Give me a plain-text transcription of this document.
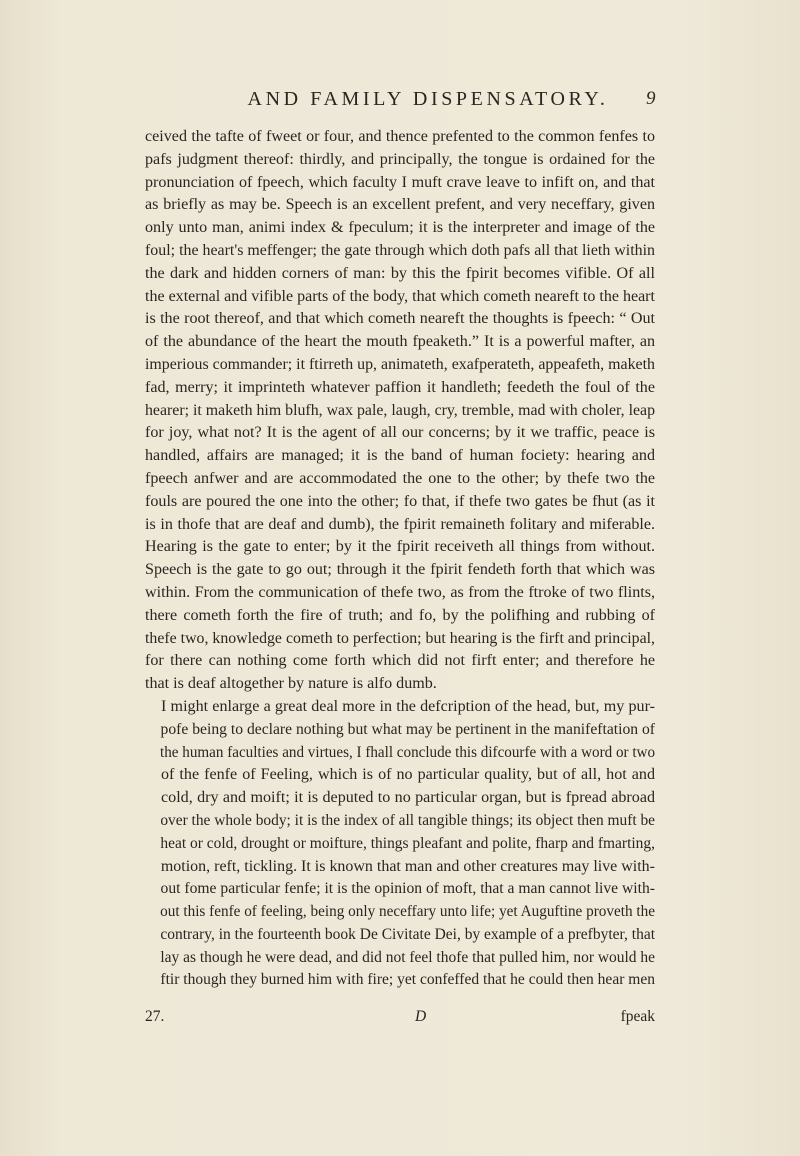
AND FAMILY DISPENSATORY.	9

ceived the tafte of fweet or four, and thence prefented to the common fenfes to
pafs judgment thereof: thirdly, and principally, the tongue is ordained for the
pronunciation of fpeech, which faculty I muft crave leave to infift on, and that
as briefly as may be. Speech is an excellent prefent, and very neceffary, given
only unto man, animi index & fpeculum; it is the interpreter and image of the
foul; the heart's meffenger; the gate through which doth pafs all that lieth within
the dark and hidden corners of man: by this the fpirit becomes vifible. Of all
the external and vifible parts of the body, that which cometh neareft to the heart
is the root thereof, and that which cometh neareft the thoughts is fpeech: “ Out
of the abundance of the heart the mouth fpeaketh.” It is a powerful mafter, an
imperious commander; it ftirreth up, animateth, exafperateth, appeafeth, maketh
fad, merry; it imprinteth whatever paffion it handleth; feedeth the foul of the
hearer; it maketh him blufh, wax pale, laugh, cry, tremble, mad with choler, leap
for joy, what not? It is the agent of all our concerns; by it we traffic, peace is
handled, affairs are managed; it is the band of human fociety: hearing and
fpeech anfwer and are accommodated the one to the other; by thefe two the
fouls are poured the one into the other; fo that, if thefe two gates be fhut (as it
is in thofe that are deaf and dumb), the fpirit remaineth folitary and miferable.
Hearing is the gate to enter; by it the fpirit receiveth all things from without.
Speech is the gate to go out; through it the fpirit fendeth forth that which was
within. From the communication of thefe two, as from the ftroke of two flints,
there cometh forth the fire of truth; and fo, by the polifhing and rubbing of
thefe two, knowledge cometh to perfection; but hearing is the firft and principal,
for there can nothing come forth which did not firft enter; and therefore he
that is deaf altogether by nature is alfo dumb.

I might enlarge a great deal more in the defcription of the head, but, my pur-
pofe being to declare nothing but what may be pertinent in the manifeftation of
the human faculties and virtues, I fhall conclude this difcourfe with a word or two
of the fenfe of Feeling, which is of no particular quality, but of all, hot and
cold, dry and moift; it is deputed to no particular organ, but is fpread abroad
over the whole body; it is the index of all tangible things; its object then muft be
heat or cold, drought or moifture, things pleafant and polite, fharp and fmarting,
motion, reft, tickling. It is known that man and other creatures may live with-
out fome particular fenfe; it is the opinion of moft, that a man cannot live with-
out this fenfe of feeling, being only neceffary unto life; yet Auguftine proveth the
contrary, in the fourteenth book De Civitate Dei, by example of a prefbyter, that
lay as though he were dead, and did not feel thofe that pulled him, nor would he
ftir though they burned him with fire; yet confeffed that he could then hear men

27.	D	fpeak
